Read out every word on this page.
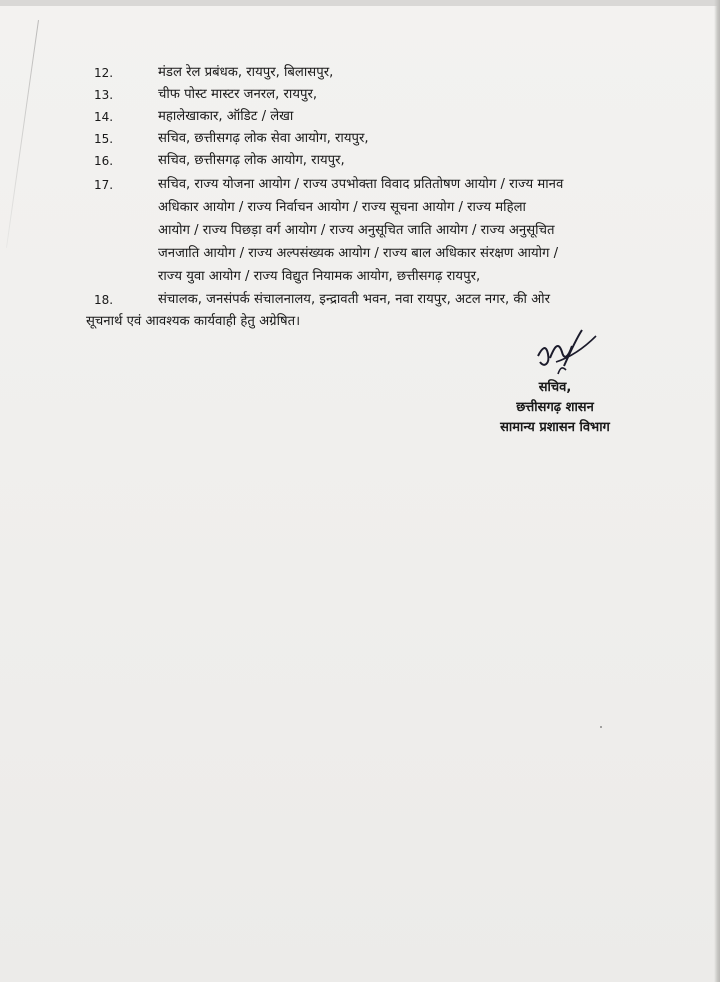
12.	मंडल रेल प्रबंधक, रायपुर, बिलासपुर,
13.	चीफ पोस्ट मास्टर जनरल, रायपुर,
14.	महालेखाकार, ऑडिट / लेखा
15.	सचिव, छत्तीसगढ़ लोक सेवा आयोग, रायपुर,
16.	सचिव, छत्तीसगढ़ लोक आयोग, रायपुर,
17.	सचिव, राज्य योजना आयोग / राज्य उपभोक्ता विवाद प्रतितोषण आयोग / राज्य मानव
अधिकार आयोग / राज्य निर्वाचन आयोग / राज्य सूचना आयोग / राज्य महिला
आयोग / राज्य पिछड़ा वर्ग आयोग / राज्य अनुसूचित जाति आयोग / राज्य अनुसूचित
जनजाति आयोग / राज्य अल्पसंख्यक आयोग / राज्य बाल अधिकार संरक्षण आयोग /
राज्य युवा आयोग / राज्य विद्युत नियामक आयोग, छत्तीसगढ़ रायपुर,
18.	संचालक, जनसंपर्क संचालनालय, इन्द्रावती भवन, नवा रायपुर, अटल नगर, की ओर
सूचनार्थ एवं आवश्यक कार्यवाही हेतु अग्रेषित।
सचिव,
छत्तीसगढ़ शासन
सामान्य प्रशासन विभाग
